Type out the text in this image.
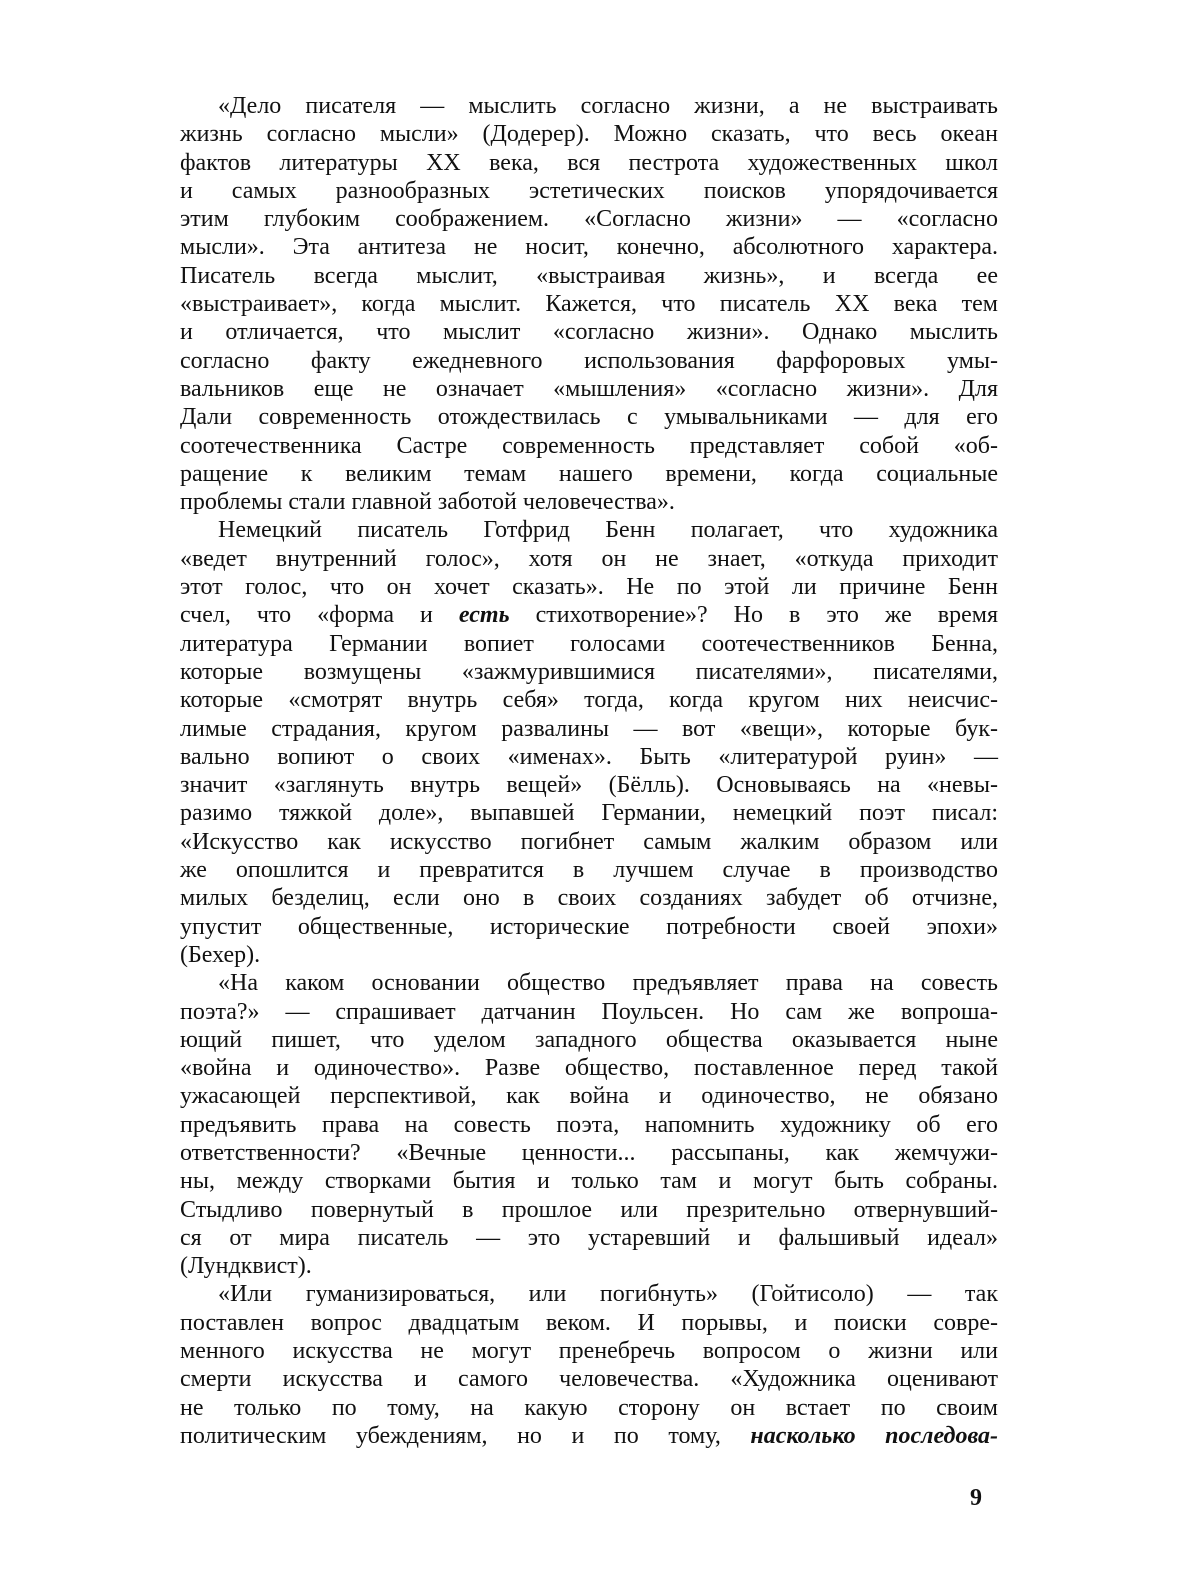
«Дело писателя — мыслить согласно жизни, а не выстраивать
жизнь согласно мысли» (Додерер). Можно сказать, что весь океан
фактов литературы XX века, вся пестрота художественных школ
и самых разнообразных эстетических поисков упорядочивается
этим глубоким соображением. «Согласно жизни» — «согласно
мысли». Эта антитеза не носит, конечно, абсолютного характера.
Писатель всегда мыслит, «выстраивая жизнь», и всегда ее
«выстраивает», когда мыслит. Кажется, что писатель XX века тем
и отличается, что мыслит «согласно жизни». Однако мыслить
согласно факту ежедневного использования фарфоровых умы-
вальников еще не означает «мышления» «согласно жизни». Для
Дали современность отождествилась с умывальниками — для его
соотечественника Састре современность представляет собой «об-
ращение к великим темам нашего времени, когда социальные
проблемы стали главной заботой человечества».

Немецкий писатель Готфрид Бенн полагает, что художника
«ведет внутренний голос», хотя он не знает, «откуда приходит
этот голос, что он хочет сказать». Не по этой ли причине Бенн
счел, что «форма и есть стихотворение»? Но в это же время
литература Германии вопиет голосами соотечественников Бенна,
которые возмущены «зажмурившимися писателями», писателями,
которые «смотрят внутрь себя» тогда, когда кругом них неисчис-
лимые страдания, кругом развалины — вот «вещи», которые бук-
вально вопиют о своих «именах». Быть «литературой руин» —
значит «заглянуть внутрь вещей» (Бёлль). Основываясь на «невы-
разимо тяжкой доле», выпавшей Германии, немецкий поэт писал:
«Искусство как искусство погибнет самым жалким образом или
же опошлится и превратится в лучшем случае в производство
милых безделиц, если оно в своих созданиях забудет об отчизне,
упустит общественные, исторические потребности своей эпохи»
(Бехер).

«На каком основании общество предъявляет права на совесть
поэта?» — спрашивает датчанин Поульсен. Но сам же вопроша-
ющий пишет, что уделом западного общества оказывается ныне
«война и одиночество». Разве общество, поставленное перед такой
ужасающей перспективой, как война и одиночество, не обязано
предъявить права на совесть поэта, напомнить художнику об его
ответственности? «Вечные ценности... рассыпаны, как жемчужи-
ны, между створками бытия и только там и могут быть собраны.
Стыдливо повернутый в прошлое или презрительно отвернувший-
ся от мира писатель — это устаревший и фальшивый идеал»
(Лундквист).

«Или гуманизироваться, или погибнуть» (Гойтисоло) — так
поставлен вопрос двадцатым веком. И порывы, и поиски совре-
менного искусства не могут пренебречь вопросом о жизни или
смерти искусства и самого человечества. «Художника оценивают
не только по тому, на какую сторону он встает по своим
политическим убеждениям, но и по тому, насколько последова-

9
